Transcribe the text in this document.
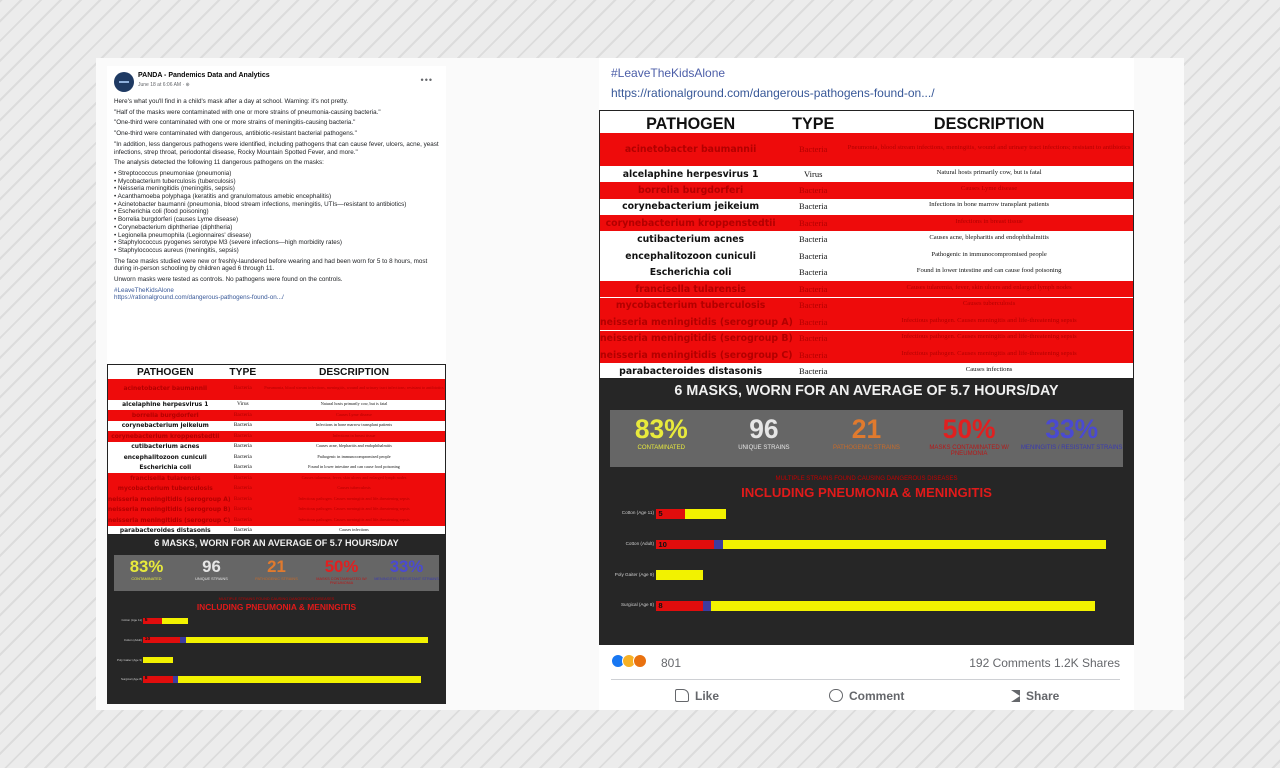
PANDA - Pandemics Data and Analytics
June 18 at 6:06 AM · ⊕	•••

Here's what you'll find in a child's mask after a day at school. Warning: it's not pretty.

"Half of the masks were contaminated with one or more strains of pneumonia-causing bacteria."

"One-third were contaminated with one or more strains of meningitis-causing bacteria."

"One-third were contaminated with dangerous, antibiotic-resistant bacterial pathogens."

"In addition, less dangerous pathogens were identified, including pathogens that can cause fever, ulcers, acne, yeast infections, strep throat, periodontal disease, Rocky Mountain Spotted Fever, and more."

The analysis detected the following 11 dangerous pathogens on the masks:

• Streptococcus pneumoniae (pneumonia)
• Mycobacterium tuberculosis (tuberculosis)
• Neisseria meningitidis (meningitis, sepsis)
• Acanthamoeba polyphaga (keratitis and granulomatous amebic encephalitis)
• Acinetobacter baumanni (pneumonia, blood stream infections, meningitis, UTIs—resistant to antibiotics)
• Escherichia coli (food poisoning)
• Borrelia burgdorferi (causes Lyme disease)
• Corynebacterium diphtheriae (diphtheria)
• Legionella pneumophila (Legionnaires' disease)
• Staphylococcus pyogenes serotype M3 (severe infections—high morbidity rates)
• Staphylococcus aureus (meningitis, sepsis)

The face masks studied were new or freshly-laundered before wearing and had been worn for 5 to 8 hours, most during in-person schooling by children aged 6 through 11.

Unworn masks were tested as controls. No pathogens were found on the controls.

#LeaveTheKidsAlone
https://rationalground.com/dangerous-pathogens-found-on.../
PATHOGEN	TYPE	DESCRIPTION
acinetobacter baumannii	Bacteria	Pneumonia, blood stream infections, meningitis, wound and urinary tract infections; resistant to antibiotics
alcelaphine herpesvirus 1	Virus	Natural hosts primarily cow, but is fatal
borrelia burgdorferi	Bacteria	Causes Lyme disease
corynebacterium jeikeium	Bacteria	Infections in bone marrow transplant patients
corynebacterium kroppenstedtii	Bacteria	Infections in breast tissue
cutibacterium acnes	Bacteria	Causes acne, blepharitis and endophthalmitis
encephalitozoon cuniculi	Bacteria	Pathogenic in immunocompromised people
Escherichia coli	Bacteria	Found in lower intestine and can cause food poisoning
francisella tularensis	Bacteria	Causes tularemia, fever, skin ulcers and enlarged lymph nodes
mycobacterium tuberculosis	Bacteria	Causes tuberculosis
neisseria meningitidis (serogroup A) Bacteria	Infectious pathogen. Causes meningitis and life-threatening sepsis
neisseria meningitidis (serogroup B) Bacteria	Infectious pathogen. Causes meningitis and life-threatening sepsis
neisseria meningitidis (serogroup C) Bacteria	Infectious pathogen. Causes meningitis and life-threatening sepsis
parabacteroides distasonis	Bacteria	Causes infections
6 MASKS, WORN FOR AN AVERAGE OF 5.7 HOURS/DAY
83%
CONTAMINATED
96
UNIQUE STRAINS
21
PATHOGENIC STRAINS
50%
MASKS CONTAMINATED W/ PNEUMONIA
33%
MENINGITIS / RESISTANT STRAINS
MULTIPLE STRAINS FOUND CAUSING DANGEROUS DISEASES
INCLUDING PNEUMONIA & MENINGITIS
Cotton (Age 11) 5
Cotton (Adult) 10
Poly Gaiter (Age 9)
Surgical (Age 8) 8
#LeaveTheKidsAlone
https://rationalground.com/dangerous-pathogens-found-on.../
801	192 Comments 1.2K Shares
Like	Comment	Share
PATHOGEN	TYPE	DESCRIPTION
acinetobacter baumannii	Bacteria	Pneumonia, blood stream infections, meningitis, wound and urinary tract infections; resistant to antibiotics
alcelaphine herpesvirus 1	Virus	Natural hosts primarily cow, but is fatal
borrelia burgdorferi	Bacteria	Causes Lyme disease
corynebacterium jeikeium	Bacteria	Infections in bone marrow transplant patients
corynebacterium kroppenstedtii	Bacteria	Infections in breast tissue
cutibacterium acnes	Bacteria	Causes acne, blepharitis and endophthalmitis
encephalitozoon cuniculi	Bacteria	Pathogenic in immunocompromised people
Escherichia coli	Bacteria	Found in lower intestine and can cause food poisoning
francisella tularensis	Bacteria	Causes tularemia, fever, skin ulcers and enlarged lymph nodes
mycobacterium tuberculosis	Bacteria	Causes tuberculosis
neisseria meningitidis (serogroup A) Bacteria	Infectious pathogen. Causes meningitis and life-threatening sepsis
neisseria meningitidis (serogroup B) Bacteria	Infectious pathogen. Causes meningitis and life-threatening sepsis
neisseria meningitidis (serogroup C) Bacteria	Infectious pathogen. Causes meningitis and life-threatening sepsis
parabacteroides distasonis	Bacteria	Causes infections
6 MASKS, WORN FOR AN AVERAGE OF 5.7 HOURS/DAY
83%
CONTAMINATED
96
UNIQUE STRAINS
21
PATHOGENIC STRAINS
50%
MASKS CONTAMINATED W/ PNEUMONIA
33%
MENINGITIS / RESISTANT STRAINS
MULTIPLE STRAINS FOUND CAUSING DANGEROUS DISEASES
INCLUDING PNEUMONIA & MENINGITIS
Cotton (Age 11) 5
Cotton (Adult) 10
Poly Gaiter (Age 9)
Surgical (Age 8) 8
